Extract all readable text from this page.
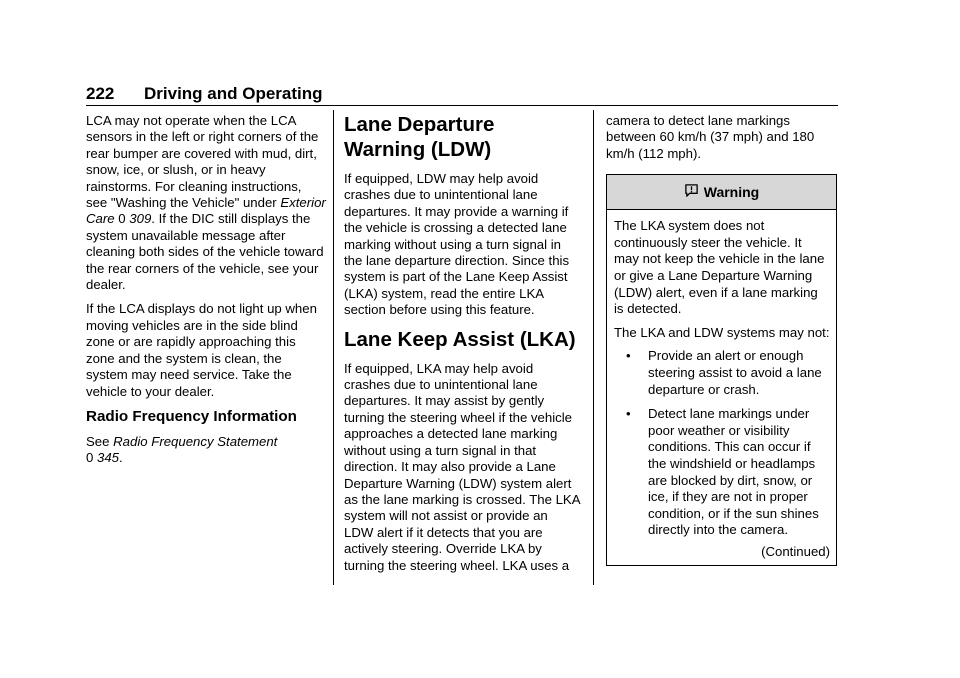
222 Driving and Operating

LCA may not operate when the LCA sensors in the left or right corners of the rear bumper are covered with mud, dirt, snow, ice, or slush, or in heavy rainstorms. For cleaning instructions, see "Washing the Vehicle" under Exterior Care 0 309. If the DIC still displays the system unavailable message after cleaning both sides of the vehicle toward the rear corners of the vehicle, see your dealer.

If the LCA displays do not light up when moving vehicles are in the side blind zone or are rapidly approaching this zone and the system is clean, the system may need service. Take the vehicle to your dealer.

Radio Frequency Information

See Radio Frequency Statement
0 345.

Lane Departure Warning (LDW)

If equipped, LDW may help avoid crashes due to unintentional lane departures. It may provide a warning if the vehicle is crossing a detected lane marking without using a turn signal in the lane departure direction. Since this system is part of the Lane Keep Assist (LKA) system, read the entire LKA section before using this feature.

Lane Keep Assist (LKA)

If equipped, LKA may help avoid crashes due to unintentional lane departures. It may assist by gently turning the steering wheel if the vehicle approaches a detected lane marking without using a turn signal in that direction. It may also provide a Lane Departure Warning (LDW) system alert as the lane marking is crossed. The LKA system will not assist or provide an LDW alert if it detects that you are actively steering. Override LKA by turning the steering wheel. LKA uses a

camera to detect lane markings between 60 km/h (37 mph) and 180 km/h (112 mph).

Warning

The LKA system does not continuously steer the vehicle. It may not keep the vehicle in the lane or give a Lane Departure Warning (LDW) alert, even if a lane marking is detected.

The LKA and LDW systems may not:

• Provide an alert or enough steering assist to avoid a lane departure or crash.
• Detect lane markings under poor weather or visibility conditions. This can occur if the windshield or headlamps are blocked by dirt, snow, or ice, if they are not in proper condition, or if the sun shines directly into the camera.
(Continued)
